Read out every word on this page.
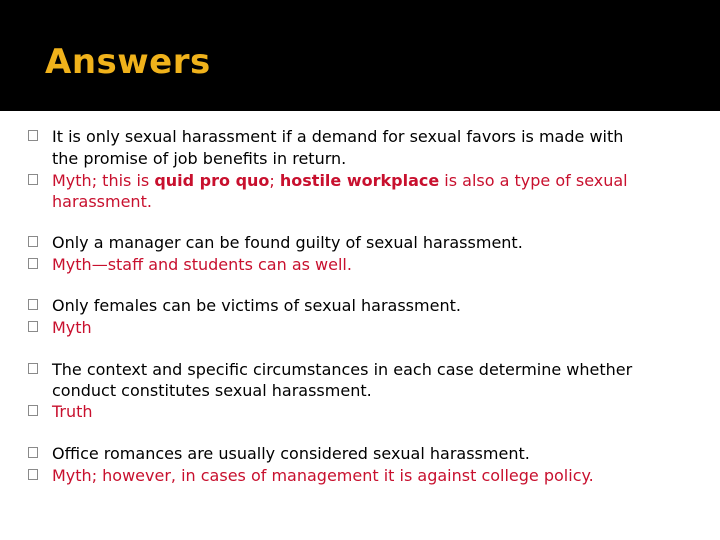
Answers
It is only sexual harassment if a demand for sexual favors is made with
the promise of job benefits in return.
Myth; this is quid pro quo; hostile workplace is also a type of sexual
harassment.
Only a manager can be found guilty of sexual harassment.
Myth—staff and students can as well.
Only females can be victims of sexual harassment.
Myth
The context and specific circumstances in each case determine whether
conduct constitutes sexual harassment.
Truth
Office romances are usually considered sexual harassment.
Myth; however, in cases of management it is against college policy.
